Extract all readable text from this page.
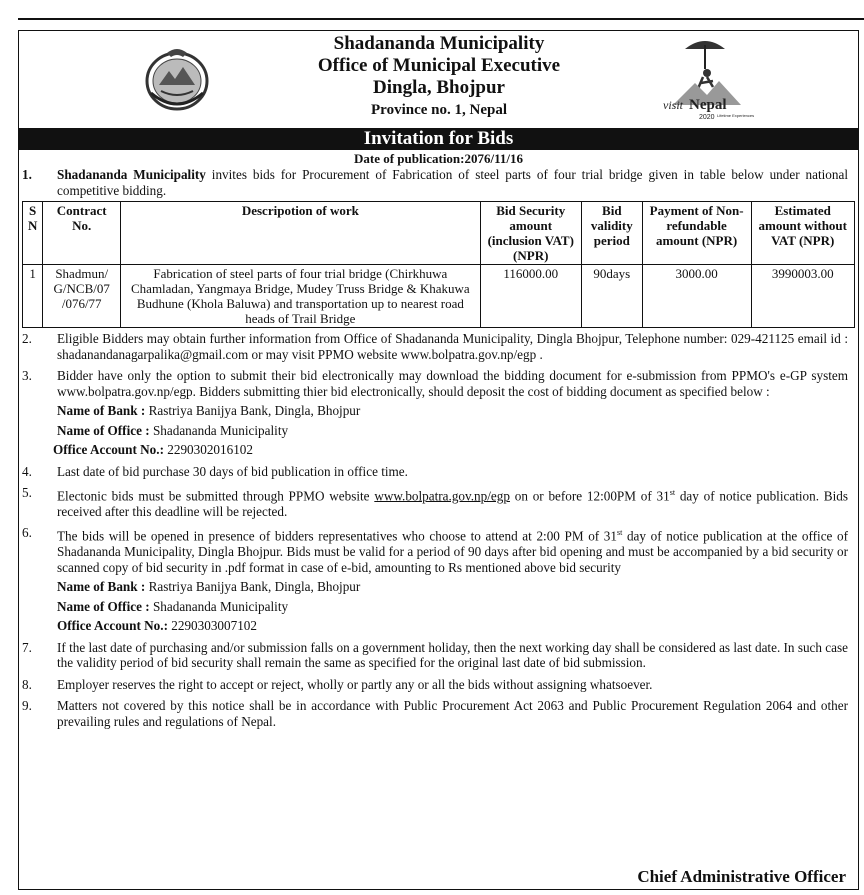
Shadananda Municipality
Office of Municipal Executive
Dingla, Bhojpur
Province no. 1, Nepal	visit Nepal
2020 Lifetime Experiences
Invitation for Bids
Date of publication:2076/11/16
1. Shadananda Municipality invites bids for Procurement of Fabrication of steel parts of four trial bridge given in table below under national competitive bidding.
S N	Contract No.	Descripotion of work	Bid Security amount (inclusion VAT) (NPR)	Bid validity period	Payment of Non-refundable amount (NPR)	Estimated amount without VAT (NPR)
1	Shadmun/ G/NCB/07 /076/77	Fabrication of steel parts of four trial bridge (Chirkhuwa Chamladan, Yangmaya Bridge, Mudey Truss Bridge & Khakuwa Budhune (Khola Baluwa) and transportation up to nearest road heads of Trail Bridge	116000.00	90days	3000.00	3990003.00
2. Eligible Bidders may obtain further information from Office of Shadananda Municipality, Dingla Bhojpur, Telephone number: 029-421125 email id : shadanandanagarpalika@gmail.com or may visit PPMO website www.bolpatra.gov.np/egp .
3. Bidder have only the option to submit their bid electronically may download the bidding document for e-submission from PPMO's e-GP system www.bolpatra.gov.np/egp. Bidders submitting thier bid electronically, should deposit the cost of bidding document as specified below :
Name of Bank : Rastriya Banijya Bank, Dingla, Bhojpur
Name of Office : Shadananda Municipality
Office Account No.: 2290302016102
4. Last date of bid purchase 30 days of bid publication in office time.
5. Electonic bids must be submitted through PPMO website www.bolpatra.gov.np/egp on or before 12:00PM of 31st day of notice publication. Bids received after this deadline will be rejected.
6. The bids will be opened in presence of bidders representatives who choose to attend at 2:00 PM of 31st day of notice publication at the office of Shadananda Municipality, Dingla Bhojpur. Bids must be valid for a period of 90 days after bid opening and must be accompanied by a bid security or scanned copy of bid security in .pdf format in case of e-bid, amounting to Rs mentioned above bid security
Name of Bank : Rastriya Banijya Bank, Dingla, Bhojpur
Name of Office : Shadananda Municipality
Office Account No.: 2290303007102
7. If the last date of purchasing and/or submission falls on a government holiday, then the next working day shall be considered as last date. In such case the validity period of bid security shall remain the same as specified for the original last date of bid submission.
8. Employer reserves the right to accept or reject, wholly or partly any or all the bids without assigning whatsoever.
9. Matters not covered by this notice shall be in accordance with Public Procurement Act 2063 and Public Procurement Regulation 2064 and other prevailing rules and regulations of Nepal.
Chief Administrative Officer
